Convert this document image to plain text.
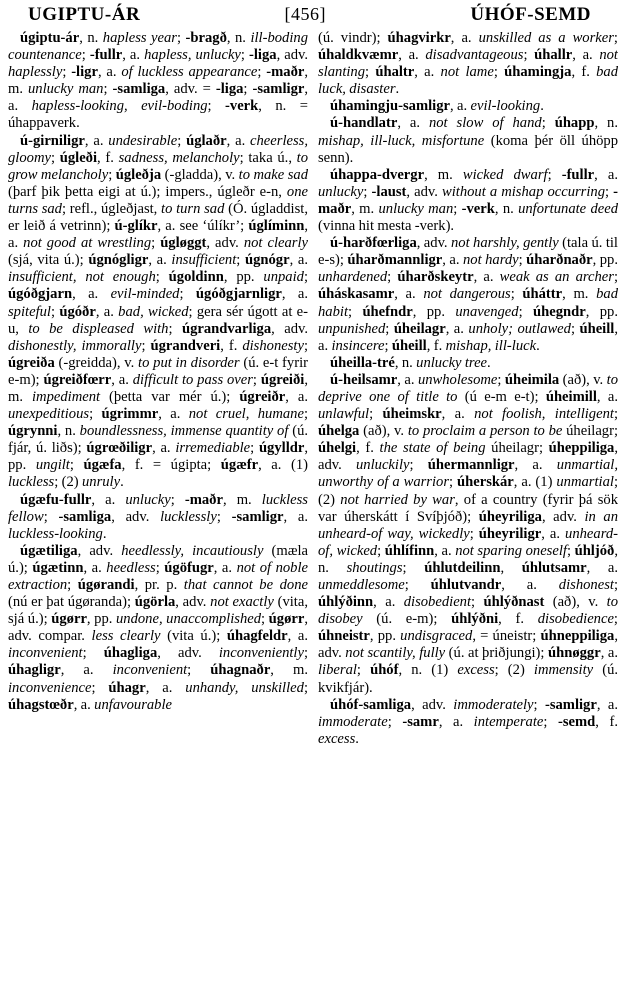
UGIPTU-ÁR	[456]	ÚHÓF-SEMD

úgiptu-ár, n. hapless year; -bragð, n. ill-boding countenance; -fullr, a. hapless, unlucky; -liga, adv. haplessly; -ligr, a. of luckless appearance; -maðr, m. unlucky man; -samliga, adv. = -liga; -samligr, a. hapless-looking, evil-boding; -verk, n. = úhappaverk.

ú-girniligr, a. undesirable; úglaðr, a. cheerless, gloomy; úgleði, f. sadness, melancholy; taka ú., to grow melancholy; úgleðja (-gladda), v. to make sad (þarf þik þetta eigi at ú.); impers., úgleðr e-n, one turns sad; refl., úgleðjast, to turn sad (Ó. úgladdist, er leið á vetrinn); ú-glíkr, a. see ‘úlíkr’; úglíminn, a. not good at wrestling; úgløggt, adv. not clearly (sjá, vita ú.); úgnógligr, a. insufficient; úgnógr, a. insufficient, not enough; úgoldinn, pp. unpaid; úgóðgjarn, a. evil-minded; úgóðgjarnligr, a. spiteful; úgóðr, a. bad, wicked; gera sér úgott at e-u, to be displeased with; úgrandvarliga, adv. dishonestly, immorally; úgrandveri, f. dishonesty; úgreiða (-greidda), v. to put in disorder (ú. e-t fyrir e-m); úgreiðfœrr, a. difficult to pass over; úgreiði, m. impediment (þetta var mér ú.); úgreiðr, a. unexpeditious; úgrimmr, a. not cruel, humane; úgrynni, n. boundlessness, immense quantity of (ú. fjár, ú. liðs); úgrœðiligr, a. irremediable; úgylldr, pp. ungilt; úgæfa, f. = úgipta; úgæfr, a. (1) luckless; (2) unruly.

úgæfu-fullr, a. unlucky; -maðr, m. luckless fellow; -samliga, adv. lucklessly; -samligr, a. luckless-looking.

úgætiliga, adv. heedlessly, incautiously (mæla ú.); úgætinn, a. heedless; úgöfugr, a. not of noble extraction; úgørandi, pr. p. that cannot be done (nú er þat úgøranda); úgörla, adv. not exactly (vita, sjá ú.); úgørr, pp. undone, unaccomplished; úgørr, adv. compar. less clearly (vita ú.); úhagfeldr, a. inconvenient; úhagliga, adv. inconveniently; úhagligr, a. inconvenient; úhagnaðr, m. inconvenience; úhagr, a. unhandy, unskilled; úhagstœðr, a. unfavourable

(ú. vindr); úhagvirkr, a. unskilled as a worker; úhaldkvæmr, a. disadvantageous; úhallr, a. not slanting; úhaltr, a. not lame; úhamingja, f. bad luck, disaster.

úhamingju-samligr, a. evil-looking.

ú-handlatr, a. not slow of hand; úhapp, n. mishap, ill-luck, misfortune (koma þér öll úhöpp senn).

úhappa-dvergr, m. wicked dwarf; -fullr, a. unlucky; -laust, adv. without a mishap occurring; -maðr, m. unlucky man; -verk, n. unfortunate deed (vinna hit mesta -verk).

ú-harðfœrliga, adv. not harshly, gently (tala ú. til e-s); úharðmannligr, a. not hardy; úharðnaðr, pp. unhardened; úharðskeytr, a. weak as an archer; úháskasamr, a. not dangerous; úháttr, m. bad habit; úhefndr, pp. unavenged; úhegndr, pp. unpunished; úheilagr, a. unholy; outlawed; úheill, a. insincere; úheill, f. mishap, ill-luck.

úheilla-tré, n. unlucky tree.

ú-heilsamr, a. unwholesome; úheimila (að), v. to deprive one of title to (ú e-m e-t); úheimill, a. unlawful; úheimskr, a. not foolish, intelligent; úhelga (að), v. to proclaim a person to be úheilagr; úhelgi, f. the state of being úheilagr; úheppiliga, adv. unluckily; úhermannligr, a. unmartial, unworthy of a warrior; úherskár, a. (1) unmartial; (2) not harried by war, of a country (fyrir þá sök var úherskátt í Svíþjóð); úheyriliga, adv. in an unheard-of way, wickedly; úheyriligr, a. unheard-of, wicked; úhlífinn, a. not sparing oneself; úhljóð, n. shoutings; úhlutdeilinn, úhlutsamr, a. unmeddlesome; úhlutvandr, a. dishonest; úhlýðinn, a. disobedient; úhlýðnast (að), v. to disobey (ú. e-m); úhlýðni, f. disobedience; úhneistr, pp. undisgraced, = úneistr; úhneppiliga, adv. not scantily, fully (ú. at þriðjungi); úhnøggr, a. liberal; úhóf, n. (1) excess; (2) immensity (ú. kvikfjár).

úhóf-samliga, adv. immoderately; -samligr, a. immoderate; -samr, a. intemperate; -semd, f. excess.
